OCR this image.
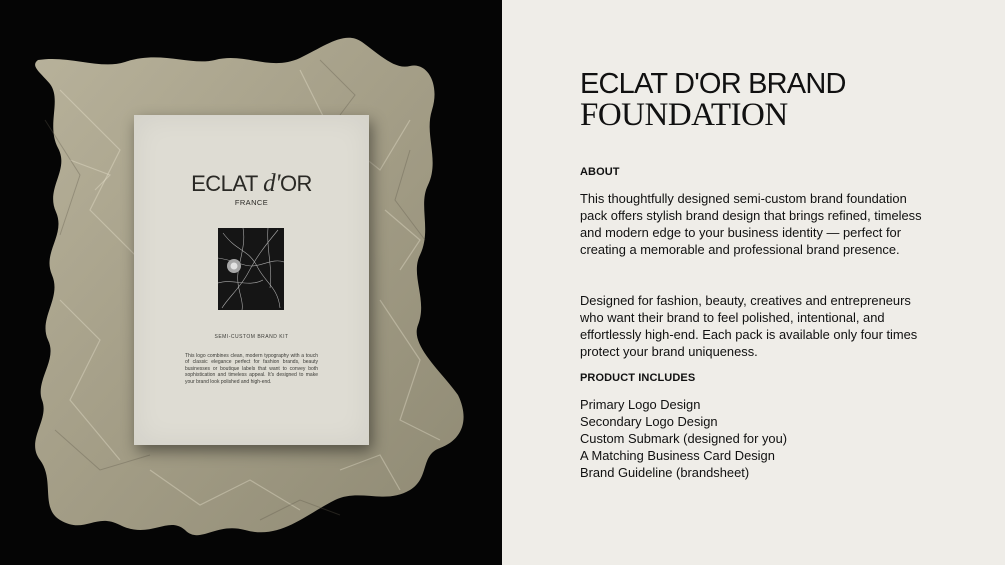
ECLAT d'OR
FRANCE
SEMI-CUSTOM BRAND KIT
This logo combines clean, modern typography with a touch of classic elegance perfect for fashion brands, beauty businesses or boutique labels that want to convey both sophistication and timeless appeal. It's designed to make your brand look polished and high-end.
ECLAT D'OR BRAND
FOUNDATION
ABOUT
This thoughtfully designed semi-custom brand foundation pack offers stylish brand design that brings refined, timeless and modern edge to your business identity — perfect for creating a memorable and professional brand presence.
Designed for fashion, beauty, creatives and entrepreneurs who want their brand to feel polished, intentional, and effortlessly high-end. Each pack is available only four times protect your brand uniqueness.
PRODUCT INCLUDES
Primary Logo Design
Secondary Logo Design
Custom Submark (designed for you)
A Matching Business Card Design
Brand Guideline (brandsheet)
